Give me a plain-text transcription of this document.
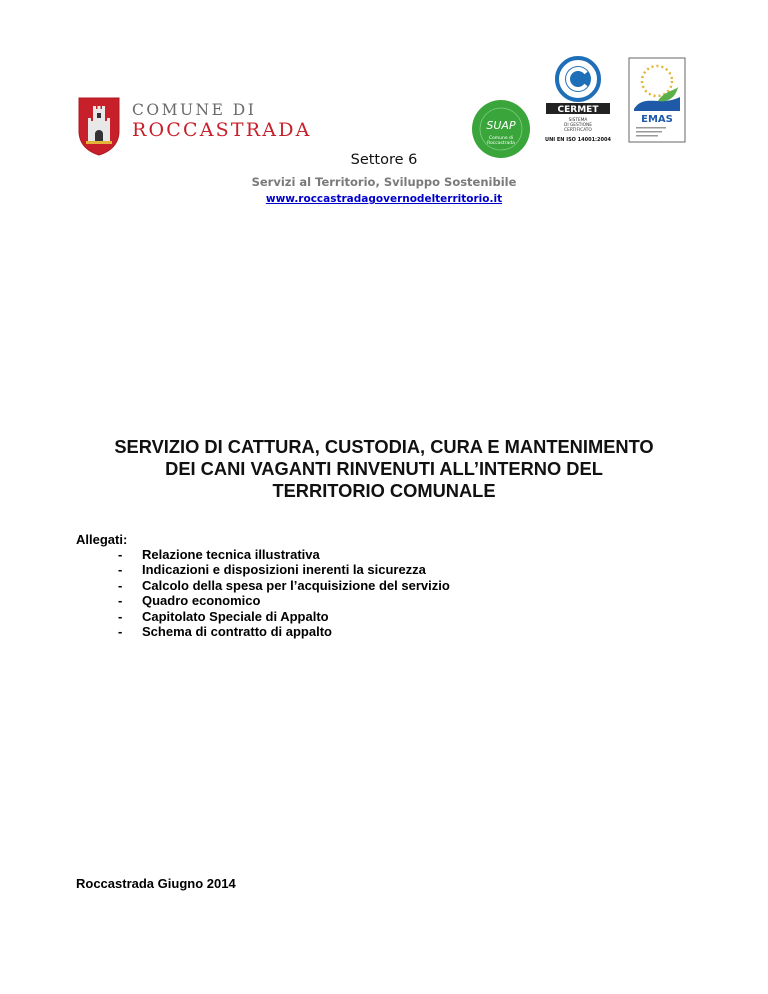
COMUNE DI
ROCCASTRADA	SUAP
Comune di
Roccastrada
CERMET
SISTEMA
DI GESTIONE
CERTIFICATO
UNI EN ISO 14001:2004
EMAS
Settore 6
Servizi al Territorio, Sviluppo Sostenibile
www.roccastradagovernodelterritorio.it
SERVIZIO DI CATTURA, CUSTODIA, CURA E MANTENIMENTO
DEI CANI VAGANTI RINVENUTI ALL’INTERNO DEL
TERRITORIO COMUNALE
Allegati:
- Relazione tecnica illustrativa
- Indicazioni e disposizioni inerenti la sicurezza
- Calcolo della spesa per l’acquisizione del servizio
- Quadro economico
- Capitolato Speciale di Appalto
- Schema di contratto di appalto
Roccastrada Giugno 2014
